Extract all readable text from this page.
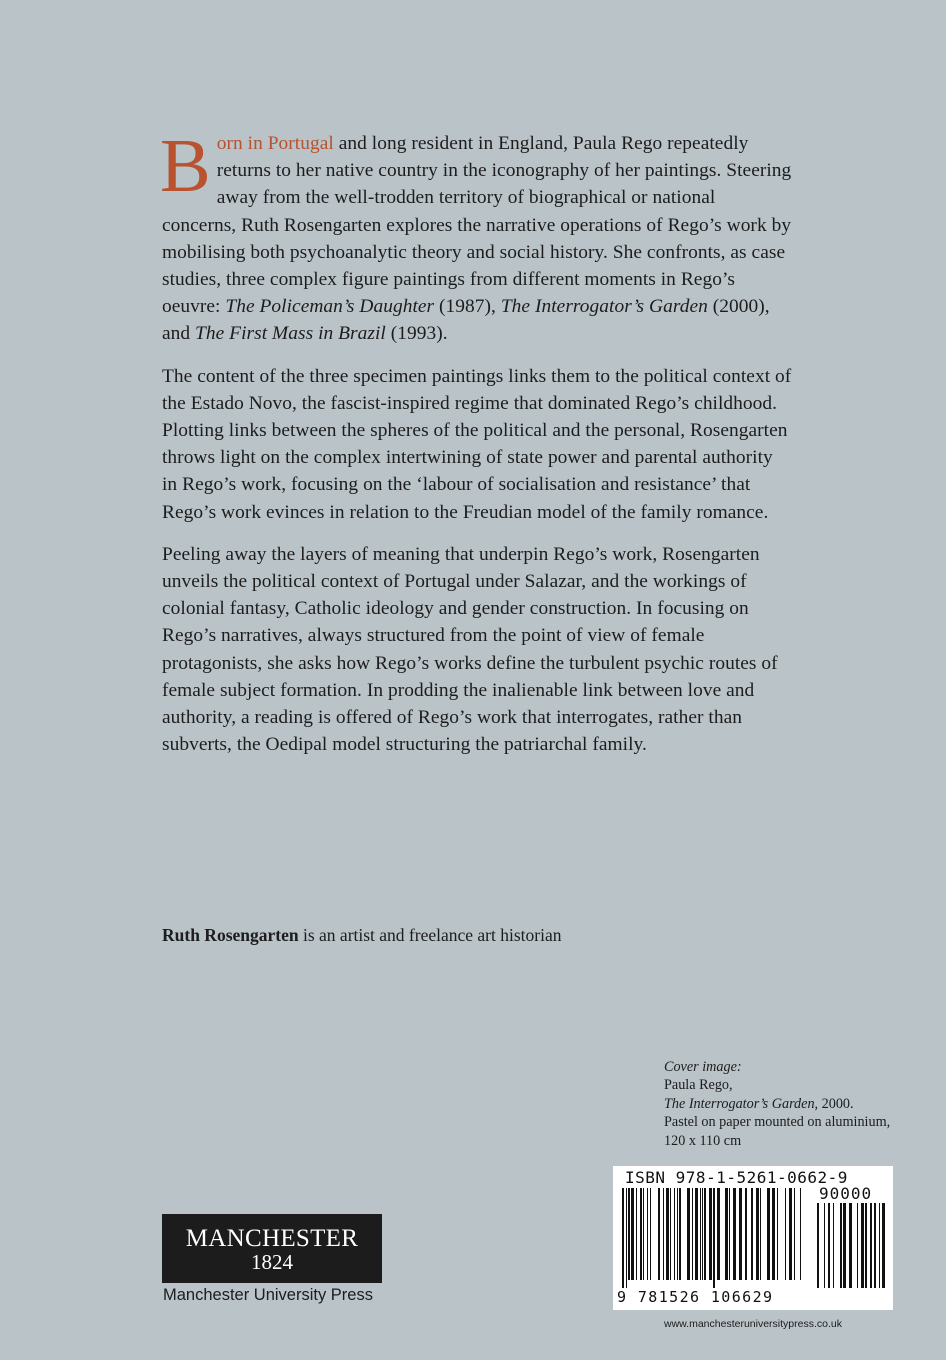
Born in Portugal and long resident in England, Paula Rego repeatedly returns to her native country in the iconography of her paintings. Steering away from the well-trodden territory of biographical or national concerns, Ruth Rosengarten explores the narrative operations of Rego’s work by mobilising both psychoanalytic theory and social history. She confronts, as case studies, three complex figure paintings from different moments in Rego’s oeuvre: The Policeman’s Daughter (1987), The Interrogator’s Garden (2000), and The First Mass in Brazil (1993).

The content of the three specimen paintings links them to the political context of the Estado Novo, the fascist-inspired regime that dominated Rego’s childhood. Plotting links between the spheres of the political and the personal, Rosengarten throws light on the complex intertwining of state power and parental authority in Rego’s work, focusing on the ‘labour of socialisation and resistance’ that Rego’s work evinces in relation to the Freudian model of the family romance.

Peeling away the layers of meaning that underpin Rego’s work, Rosengarten unveils the political context of Portugal under Salazar, and the workings of colonial fantasy, Catholic ideology and gender construction. In focusing on Rego’s narratives, always structured from the point of view of female protagonists, she asks how Rego’s works define the turbulent psychic routes of female subject formation. In prodding the inalienable link between love and authority, a reading is offered of Rego’s work that interrogates, rather than subverts, the Oedipal model structuring the patriarchal family.

Ruth Rosengarten is an artist and freelance art historian
Cover image:
Paula Rego,
The Interrogator’s Garden, 2000.
Pastel on paper mounted on aluminium, 120 x 110 cm
ISBN 978-1-5261-0662-9
90000
9 781526 106629
MANCHESTER
1824
Manchester University Press
www.manchesteruniversitypress.co.uk
